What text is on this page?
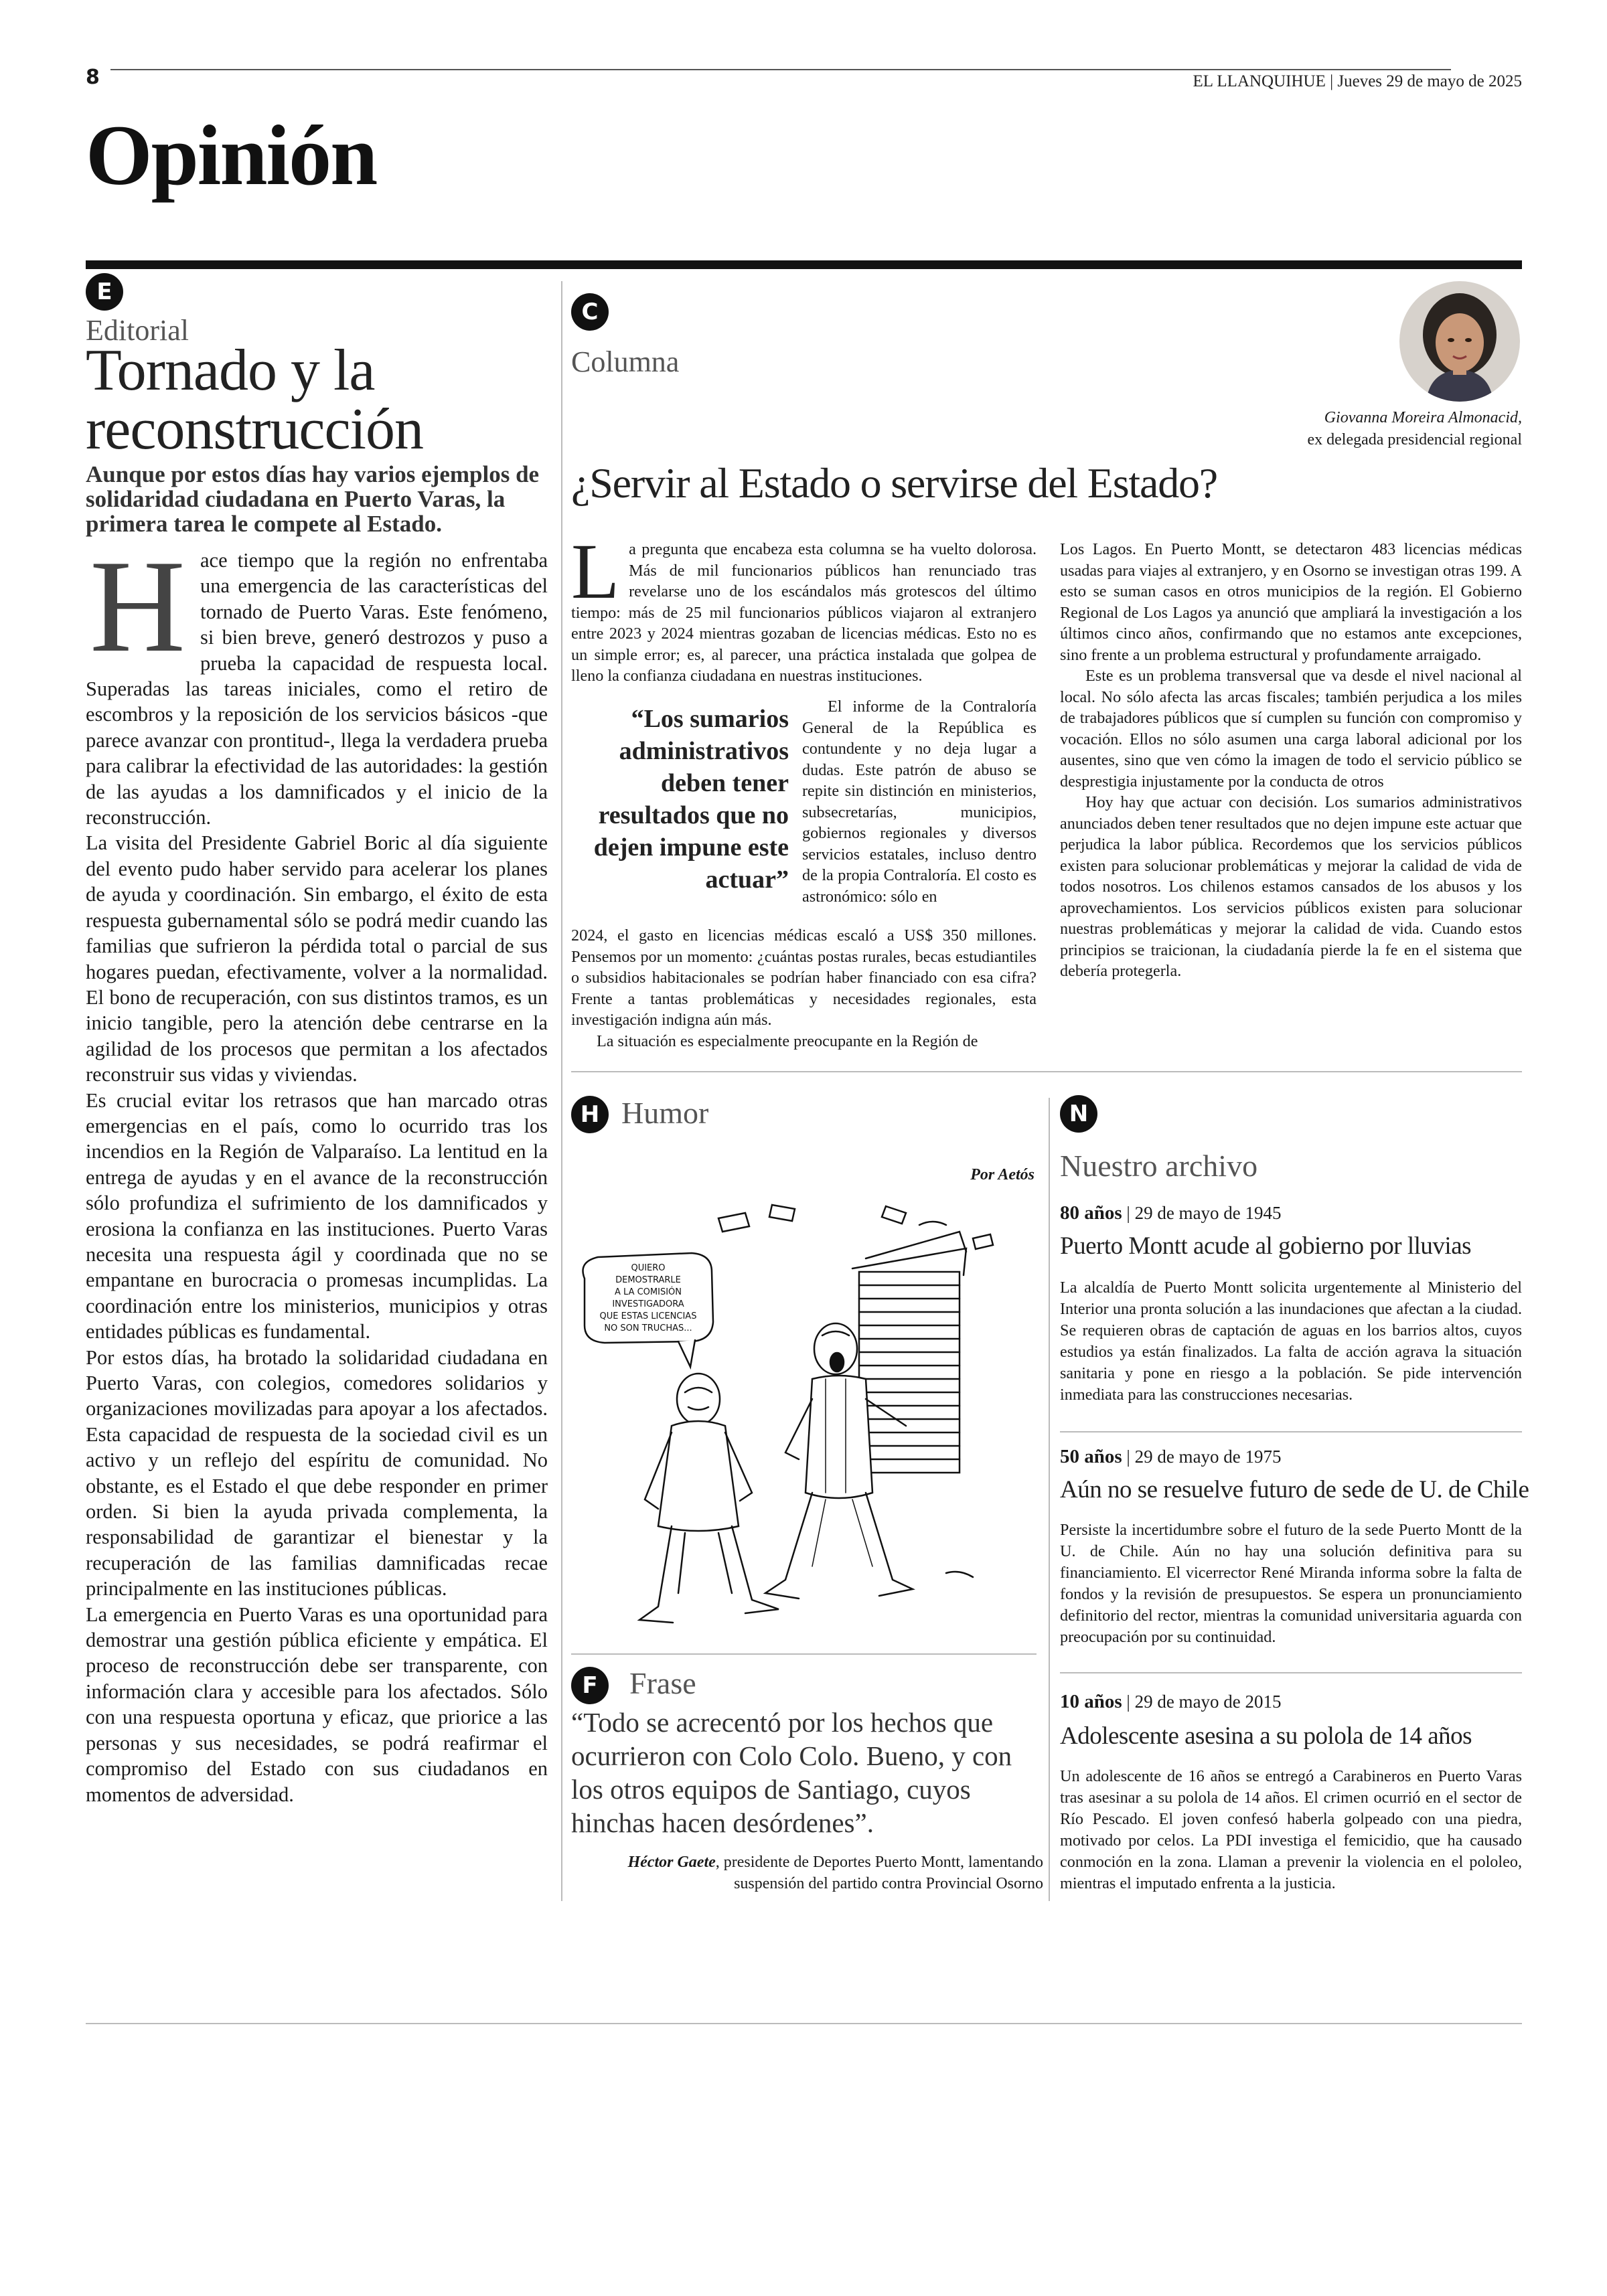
8	EL LLANQUIHUE | Jueves 29 de mayo de 2025
Opinión
E
Editorial
Tornado y la reconstrucción
Aunque por estos días hay varios ejemplos de solidaridad ciudadana en Puerto Varas, la primera tarea le compete al Estado.
H ace tiempo que la región no enfrentaba una emergencia de las características del tornado de Puerto Varas. Este fenómeno, si bien breve, generó destrozos y puso a prueba la capacidad de respuesta local. Superadas las tareas iniciales, como el retiro de escombros y la reposición de los servicios básicos -que parece avanzar con prontitud-, llega la verdadera prueba para calibrar la efectividad de las autoridades: la gestión de las ayudas a los damnificados y el inicio de la reconstrucción.

La visita del Presidente Gabriel Boric al día siguiente del evento pudo haber servido para acelerar los planes de ayuda y coordinación. Sin embargo, el éxito de esta respuesta gubernamental sólo se podrá medir cuando las familias que sufrieron la pérdida total o parcial de sus hogares puedan, efectivamente, volver a la normalidad. El bono de recuperación, con sus distintos tramos, es un inicio tangible, pero la atención debe centrarse en la agilidad de los procesos que permitan a los afectados reconstruir sus vidas y viviendas.

Es crucial evitar los retrasos que han marcado otras emergencias en el país, como lo ocurrido tras los incendios en la Región de Valparaíso. La lentitud en la entrega de ayudas y en el avance de la reconstrucción sólo profundiza el sufrimiento de los damnificados y erosiona la confianza en las instituciones. Puerto Varas necesita una respuesta ágil y coordinada que no se empantane en burocracia o promesas incumplidas. La coordinación entre los ministerios, municipios y otras entidades públicas es fundamental.

Por estos días, ha brotado la solidaridad ciudadana en Puerto Varas, con colegios, comedores solidarios y organizaciones movilizadas para apoyar a los afectados. Esta capacidad de respuesta de la sociedad civil es un activo y un reflejo del espíritu de comunidad. No obstante, es el Estado el que debe responder en primer orden. Si bien la ayuda privada complementa, la responsabilidad de garantizar el bienestar y la recuperación de las familias damnificadas recae principalmente en las instituciones públicas.

La emergencia en Puerto Varas es una oportunidad para demostrar una gestión pública eficiente y empática. El proceso de reconstrucción debe ser transparente, con información clara y accesible para los afectados. Sólo con una respuesta oportuna y eficaz, que priorice a las personas y sus necesidades, se podrá reafirmar el compromiso del Estado con sus ciudadanos en momentos de adversidad.

C
Columna
Giovanna Moreira Almonacid,
ex delegada presidencial regional
¿Servir al Estado o servirse del Estado?
L a pregunta que encabeza esta columna se ha vuelto dolorosa. Más de mil funcionarios públicos han renunciado tras revelarse uno de los escándalos más grotescos del último tiempo: más de 25 mil funcionarios públicos viajaron al extranjero entre 2023 y 2024 mientras gozaban de licencias médicas. Esto no es un simple error; es, al parecer, una práctica instalada que golpea de lleno la confianza ciudadana en nuestras instituciones.

“Los sumarios administrativos deben tener resultados que no dejen impune este actuar”

El informe de la Contraloría General de la República es contundente y no deja lugar a dudas. Este patrón de abuso se repite sin distinción en ministerios, subsecretarías, municipios, gobiernos regionales y diversos servicios estatales, incluso dentro de la propia Contraloría. El costo es astronómico: sólo en

2024, el gasto en licencias médicas escaló a US$ 350 millones. Pensemos por un momento: ¿cuántas postas rurales, becas estudiantiles o subsidios habitacionales se podrían haber financiado con esa cifra? Frente a tantas problemáticas y necesidades regionales, esta investigación indigna aún más.

La situación es especialmente preocupante en la Región de

Los Lagos. En Puerto Montt, se detectaron 483 licencias médicas usadas para viajes al extranjero, y en Osorno se investigan otras 199. A esto se suman casos en otros municipios de la región. El Gobierno Regional de Los Lagos ya anunció que ampliará la investigación a los últimos cinco años, confirmando que no estamos ante excepciones, sino frente a un problema estructural y profundamente arraigado.

Este es un problema transversal que va desde el nivel nacional al local. No sólo afecta las arcas fiscales; también perjudica a los miles de trabajadores públicos que sí cumplen su función con compromiso y vocación. Ellos no sólo asumen una carga laboral adicional por los ausentes, sino que ven cómo la imagen de todo el servicio público se desprestigia injustamente por la conducta de otros

Hoy hay que actuar con decisión. Los sumarios administrativos anunciados deben tener resultados que no dejen impune este actuar que perjudica la labor pública. Recordemos que los servicios públicos existen para solucionar problemáticas y mejorar la calidad de vida de todos nosotros. Los chilenos estamos cansados de los abusos y los aprovechamientos. Los servicios públicos existen para solucionar nuestras problemáticas y mejorar la calidad de vida. Cuando estos principios se traicionan, la ciudadanía pierde la fe en el sistema que debería protegerla.

H Humor
Por Aetós
QUIERO
DEMOSTRARLE
A LA COMISIÓN
INVESTIGADORA
QUE ESTAS LICENCIAS
NO SON TRUCHAS...
F	Frase
“Todo se acrecentó por los hechos que ocurrieron con Colo Colo. Bueno, y con los otros equipos de Santiago, cuyos hinchas hacen desórdenes”.
Héctor Gaete, presidente de Deportes Puerto Montt, lamentando suspensión del partido contra Provincial Osorno
N
Nuestro archivo
80 años | 29 de mayo de 1945
Puerto Montt acude al gobierno por lluvias
La alcaldía de Puerto Montt solicita urgentemente al Ministerio del Interior una pronta solución a las inundaciones que afectan a la ciudad. Se requieren obras de captación de aguas en los barrios altos, cuyos estudios ya están finalizados. La falta de acción agrava la situación sanitaria y pone en riesgo a la población. Se pide intervención inmediata para las construcciones necesarias.
50 años | 29 de mayo de 1975
Aún no se resuelve futuro de sede de U. de Chile
Persiste la incertidumbre sobre el futuro de la sede Puerto Montt de la U. de Chile. Aún no hay una solución definitiva para su financiamiento. El vicerrector René Miranda informa sobre la falta de fondos y la revisión de presupuestos. Se espera un pronunciamiento definitorio del rector, mientras la comunidad universitaria aguarda con preocupación por su continuidad.
10 años | 29 de mayo de 2015
Adolescente asesina a su polola de 14 años
Un adolescente de 16 años se entregó a Carabineros en Puerto Varas tras asesinar a su polola de 14 años. El crimen ocurrió en el sector de Río Pescado. El joven confesó haberla golpeado con una piedra, motivado por celos. La PDI investiga el femicidio, que ha causado conmoción en la zona. Llaman a prevenir la violencia en el pololeo, mientras el imputado enfrenta a la justicia.
